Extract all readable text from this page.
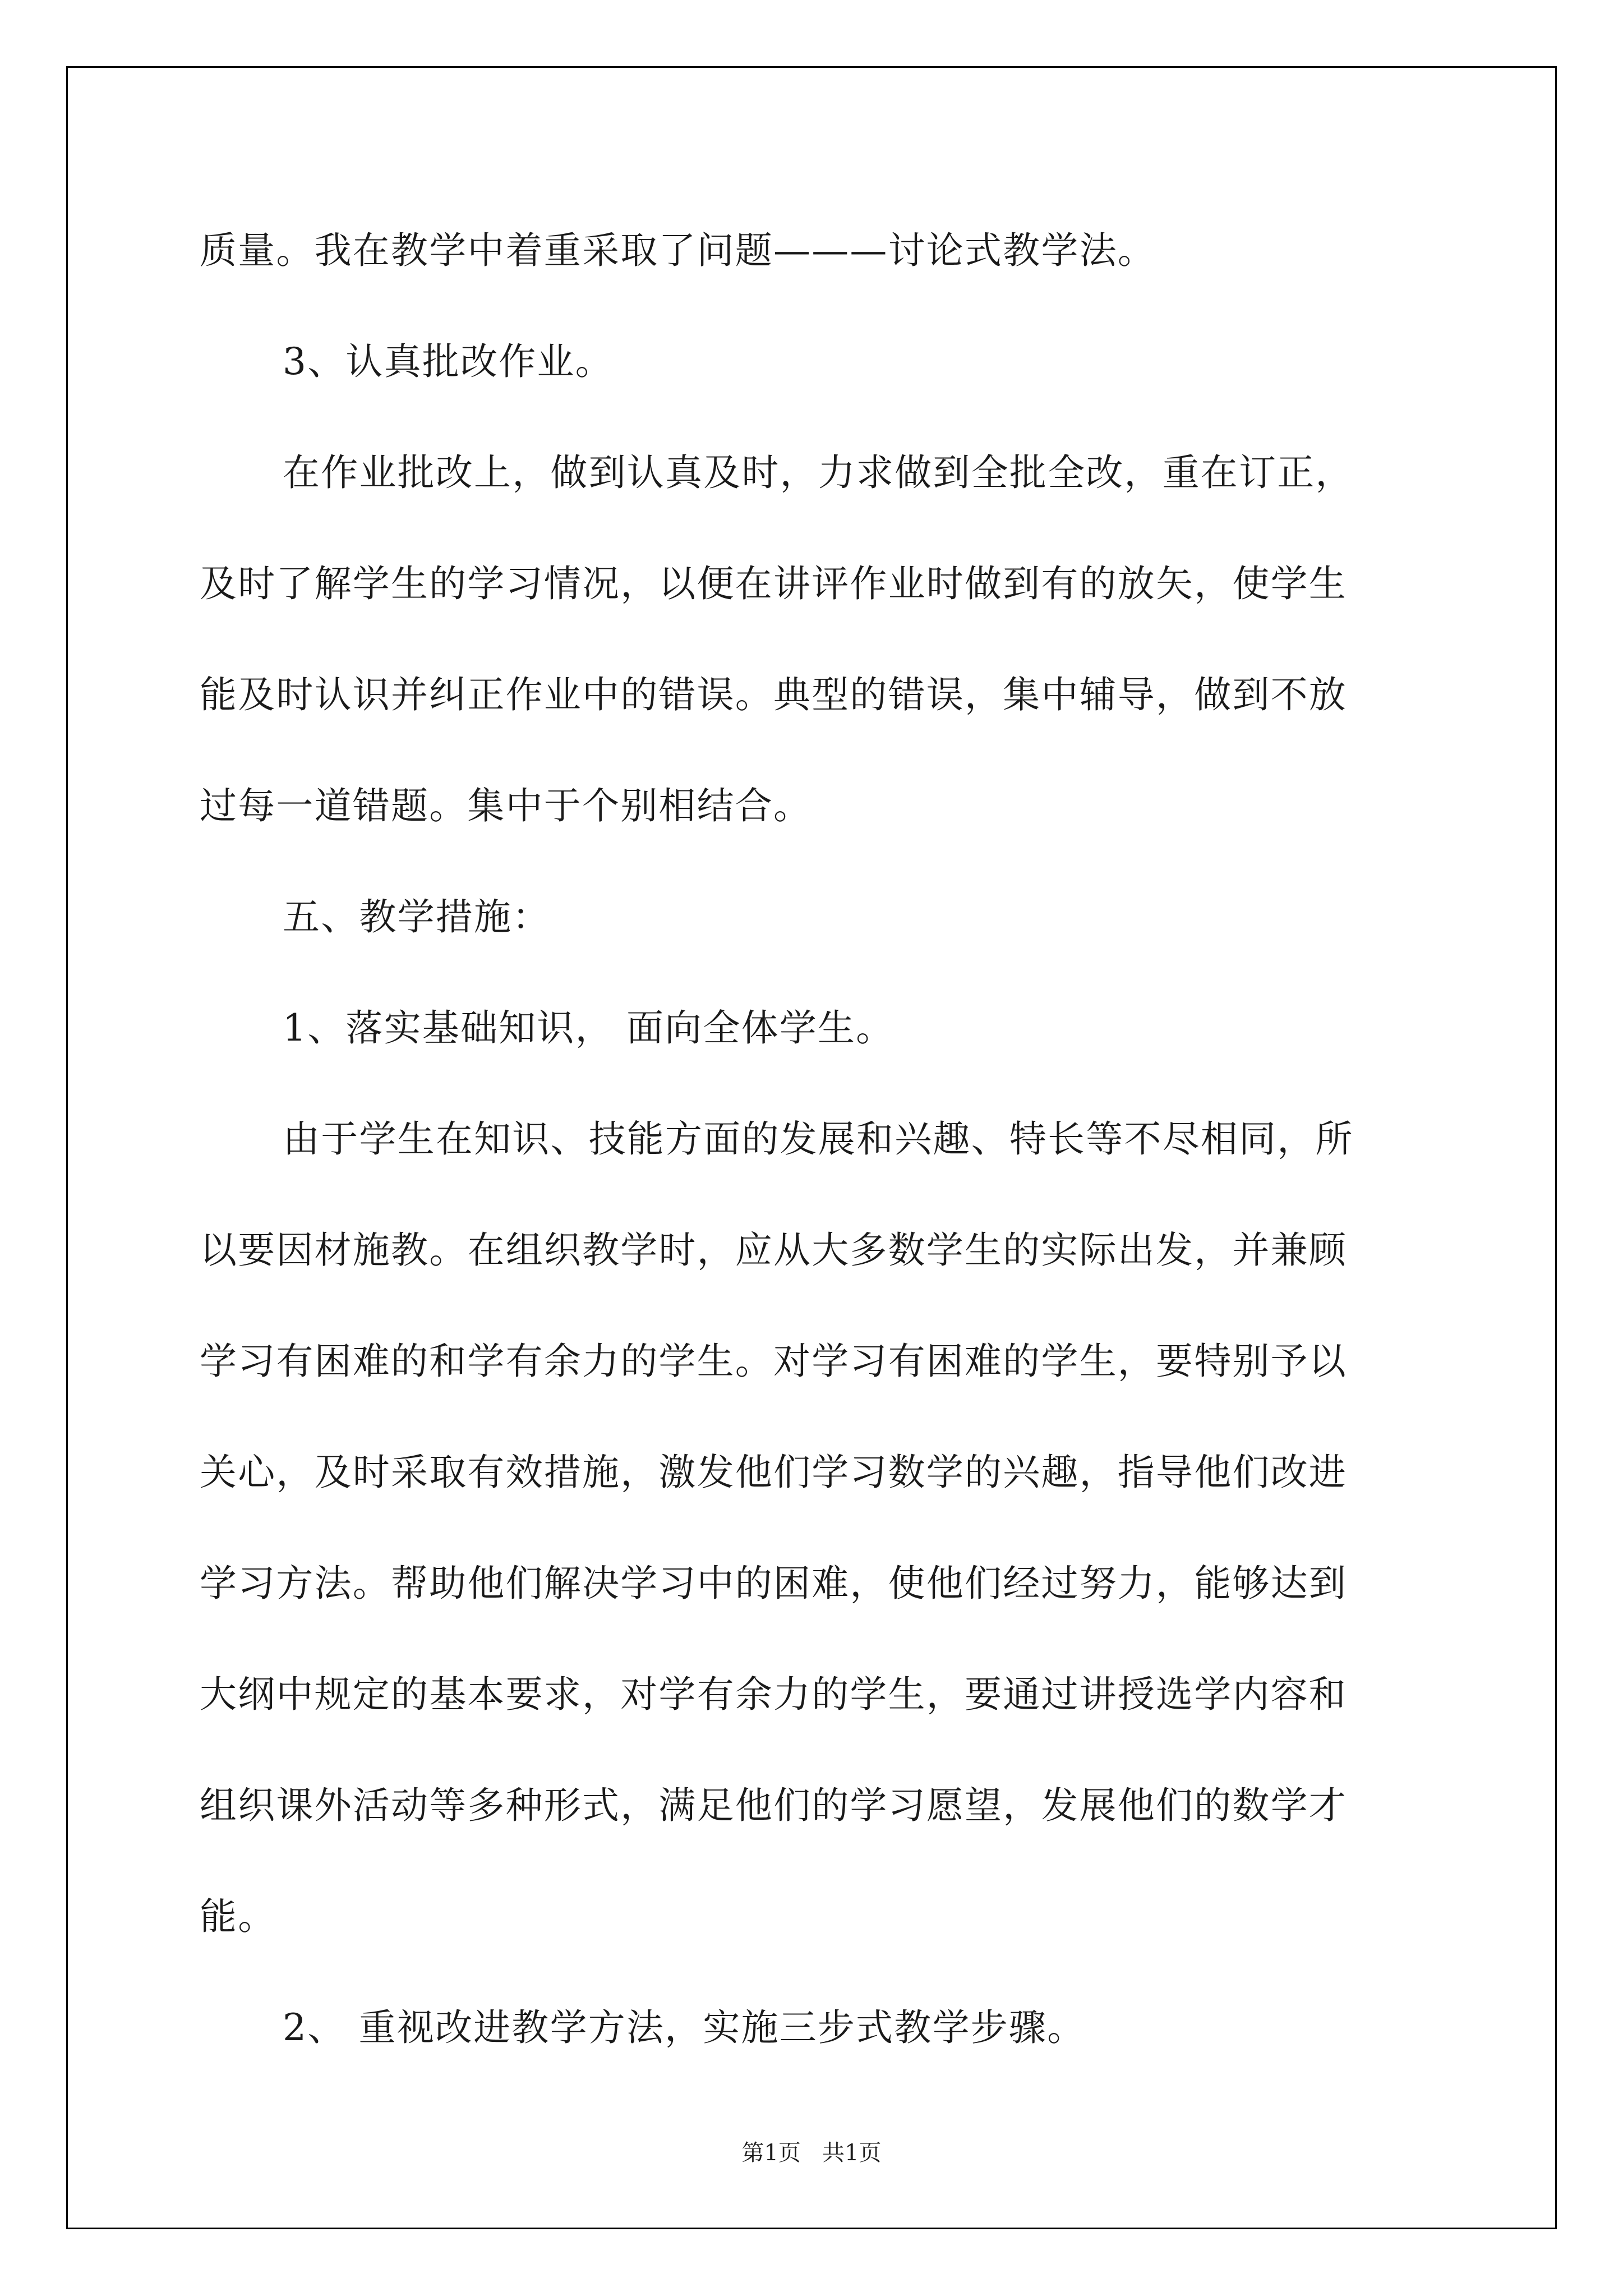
质量。我在教学中着重采取了问题———讨论式教学法。
3、认真批改作业。
在作业批改上，做到认真及时，力求做到全批全改，重在订正，
及时了解学生的学习情况，以便在讲评作业时做到有的放矢，使学生
能及时认识并纠正作业中的错误。典型的错误，集中辅导，做到不放
过每一道错题。集中于个别相结合。
五、教学措施：
1、落实基础知识， 面向全体学生。
由于学生在知识、技能方面的发展和兴趣、特长等不尽相同，所
以要因材施教。在组织教学时，应从大多数学生的实际出发，并兼顾
学习有困难的和学有余力的学生。对学习有困难的学生，要特别予以
关心，及时采取有效措施，激发他们学习数学的兴趣，指导他们改进
学习方法。帮助他们解决学习中的困难，使他们经过努力，能够达到
大纲中规定的基本要求，对学有余力的学生，要通过讲授选学内容和
组织课外活动等多种形式，满足他们的学习愿望，发展他们的数学才
能。
2、 重视改进教学方法，实施三步式教学步骤。
第1页   共1页
